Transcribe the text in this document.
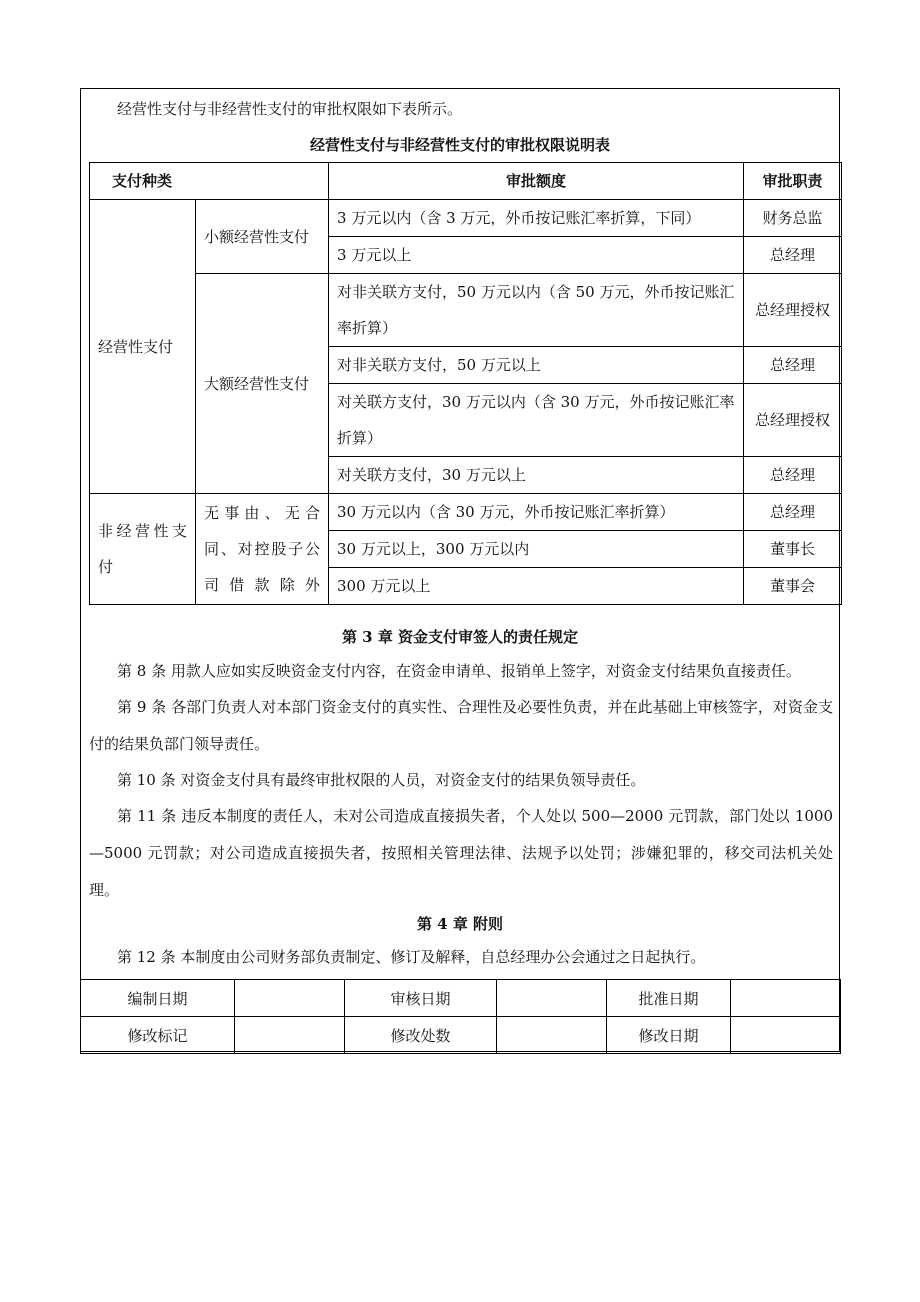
经营性支付与非经营性支付的审批权限如下表所示。
经营性支付与非经营性支付的审批权限说明表
支付种类		审批额度	审批职责
经营性支付	小额经营性支付	3 万元以内（含 3 万元，外币按记账汇率折算，下同）	财务总监
		3 万元以上	总经理
	大额经营性支付	对非关联方支付，50 万元以内（含 50 万元，外币按记账汇率折算）	总经理授权
		对非关联方支付，50 万元以上	总经理
		对关联方支付，30 万元以内（含 30 万元，外币按记账汇率折算）	总经理授权
		对关联方支付，30 万元以上	总经理
非经营性支付	无事由、无合同、对控股子公司借款除外	30 万元以内（含 30 万元，外币按记账汇率折算）	总经理
		30 万元以上，300 万元以内	董事长
		300 万元以上	董事会
第 3 章 资金支付审签人的责任规定
第 8 条 用款人应如实反映资金支付内容，在资金申请单、报销单上签字，对资金支付结果负直接责任。
第 9 条 各部门负责人对本部门资金支付的真实性、合理性及必要性负责，并在此基础上审核签字，对资金支付的结果负部门领导责任。
第 10 条 对资金支付具有最终审批权限的人员，对资金支付的结果负领导责任。
第 11 条 违反本制度的责任人，未对公司造成直接损失者，个人处以 500—2000 元罚款，部门处以 1000—5000 元罚款；对公司造成直接损失者，按照相关管理法律、法规予以处罚；涉嫌犯罪的，移交司法机关处理。
第 4 章 附则
第 12 条 本制度由公司财务部负责制定、修订及解释，自总经理办公会通过之日起执行。
编制日期		审核日期		批准日期	
修改标记		修改处数		修改日期	
